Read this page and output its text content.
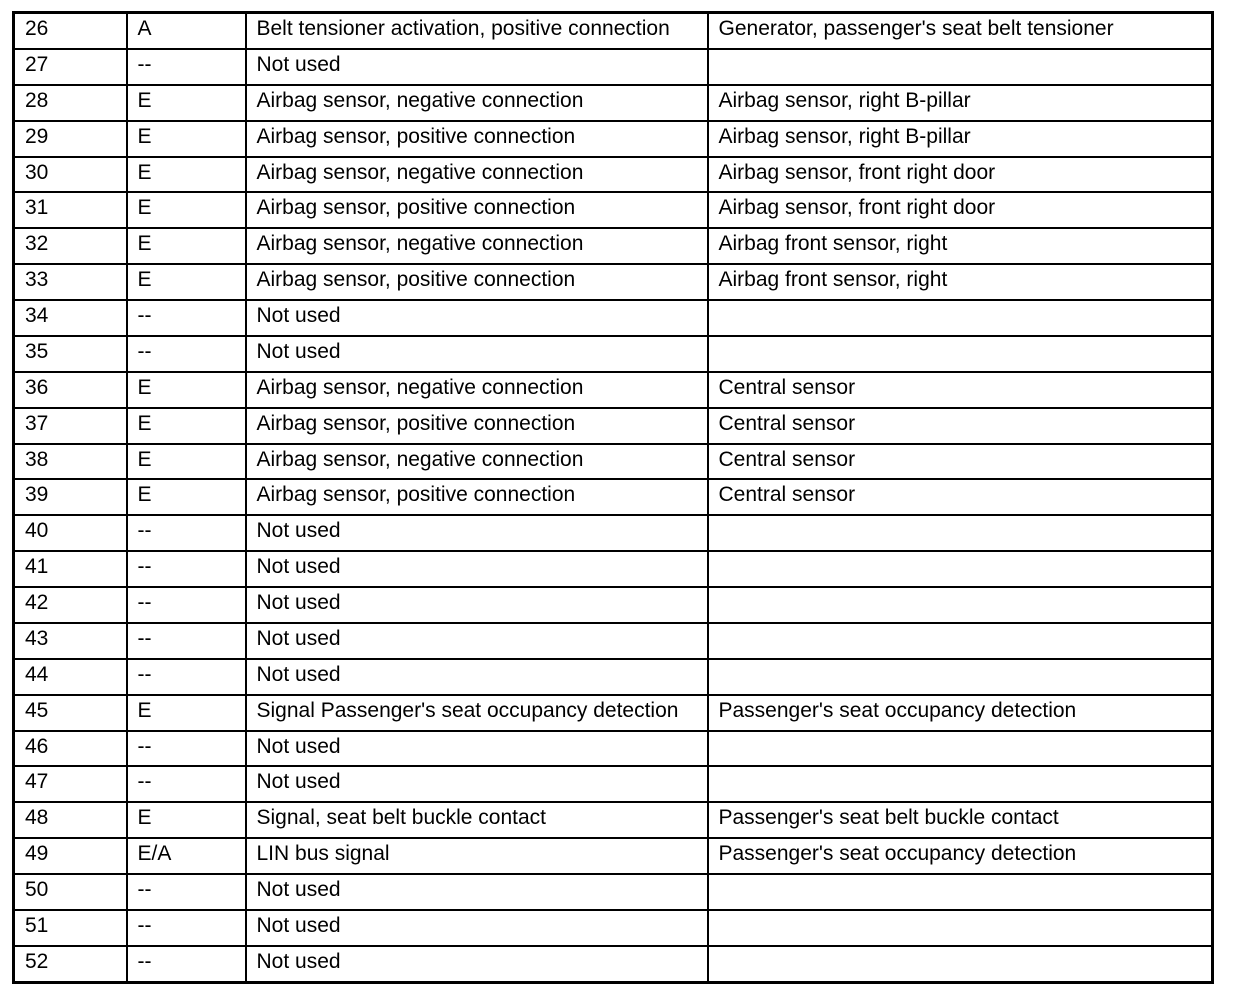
26	A	Belt tensioner activation, positive connection	Generator, passenger's seat belt tensioner
27	--	Not used	
28	E	Airbag sensor, negative connection	Airbag sensor, right B-pillar
29	E	Airbag sensor, positive connection	Airbag sensor, right B-pillar
30	E	Airbag sensor, negative connection	Airbag sensor, front right door
31	E	Airbag sensor, positive connection	Airbag sensor, front right door
32	E	Airbag sensor, negative connection	Airbag front sensor, right
33	E	Airbag sensor, positive connection	Airbag front sensor, right
34	--	Not used	
35	--	Not used	
36	E	Airbag sensor, negative connection	Central sensor
37	E	Airbag sensor, positive connection	Central sensor
38	E	Airbag sensor, negative connection	Central sensor
39	E	Airbag sensor, positive connection	Central sensor
40	--	Not used	
41	--	Not used	
42	--	Not used	
43	--	Not used	
44	--	Not used	
45	E	Signal Passenger's seat occupancy detection	Passenger's seat occupancy detection
46	--	Not used	
47	--	Not used	
48	E	Signal, seat belt buckle contact	Passenger's seat belt buckle contact
49	E/A	LIN bus signal	Passenger's seat occupancy detection
50	--	Not used	
51	--	Not used	
52	--	Not used	
